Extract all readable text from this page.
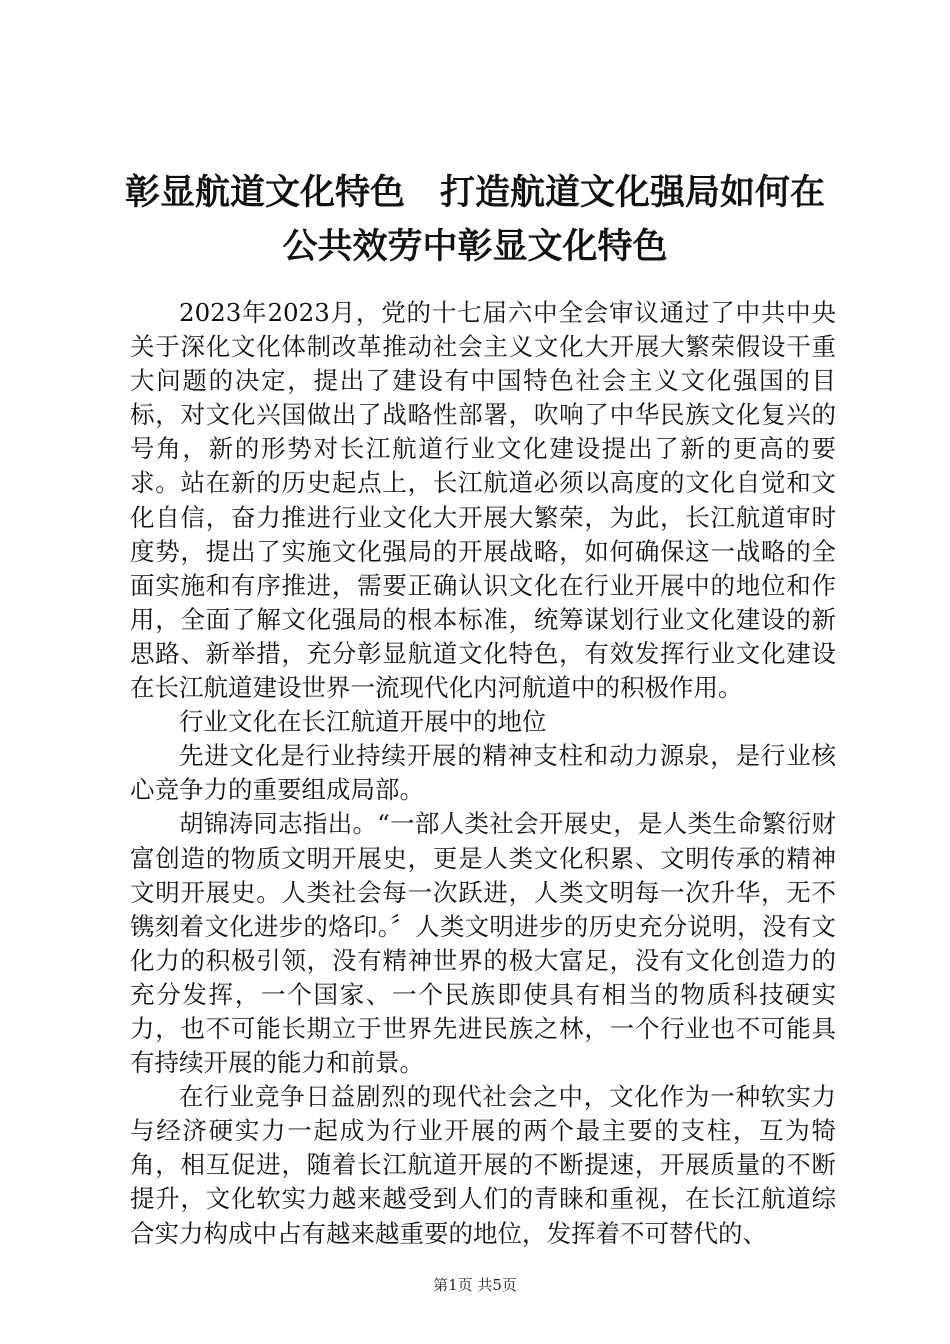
彰显航道文化特色　打造航道文化强局如何在
公共效劳中彰显文化特色

2023年2023月，党的十七届六中全会审议通过了中共中央关于深化文化体制改革推动社会主义文化大开展大繁荣假设干重大问题的决定，提出了建设有中国特色社会主义文化强国的目标，对文化兴国做出了战略性部署，吹响了中华民族文化复兴的号角，新的形势对长江航道行业文化建设提出了新的更高的要求。站在新的历史起点上，长江航道必须以高度的文化自觉和文化自信，奋力推进行业文化大开展大繁荣，为此，长江航道审时度势，提出了实施文化强局的开展战略，如何确保这一战略的全面实施和有序推进，需要正确认识文化在行业开展中的地位和作用，全面了解文化强局的根本标准，统筹谋划行业文化建设的新思路、新举措，充分彰显航道文化特色，有效发挥行业文化建设在长江航道建设世界一流现代化内河航道中的积极作用。

行业文化在长江航道开展中的地位

先进文化是行业持续开展的精神支柱和动力源泉，是行业核心竞争力的重要组成局部。

胡锦涛同志指出。“一部人类社会开展史，是人类生命繁衍财富创造的物质文明开展史，更是人类文化积累、文明传承的精神文明开展史。人类社会每一次跃进，人类文明每一次升华，无不镌刻着文化进步的烙印。〞人类文明进步的历史充分说明，没有文化力的积极引领，没有精神世界的极大富足，没有文化创造力的充分发挥，一个国家、一个民族即使具有相当的物质科技硬实力，也不可能长期立于世界先进民族之林，一个行业也不可能具有持续开展的能力和前景。

在行业竞争日益剧烈的现代社会之中，文化作为一种软实力与经济硬实力一起成为行业开展的两个最主要的支柱，互为犄角，相互促进，随着长江航道开展的不断提速，开展质量的不断提升，文化软实力越来越受到人们的青睐和重视，在长江航道综合实力构成中占有越来越重要的地位，发挥着不可替代的、

第1页 共5页
